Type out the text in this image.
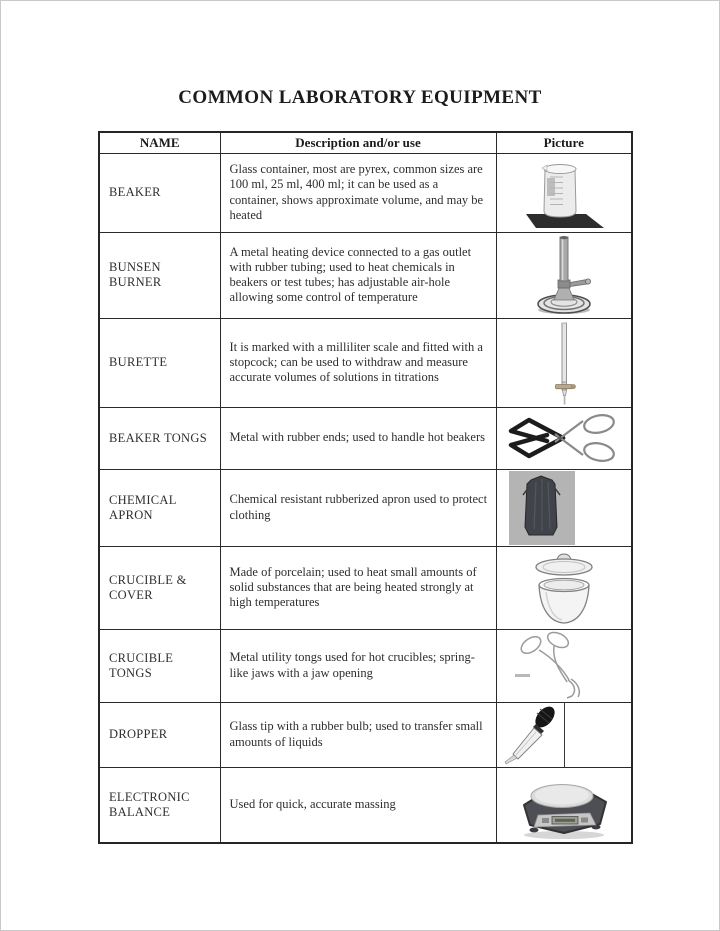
COMMON LABORATORY EQUIPMENT
NAME	Description and/or use	Picture
BEAKER	Glass container, most are pyrex, common sizes are 100 ml, 25 ml, 400 ml; it can be used as a container, shows approximate volume, and may be heated	
BUNSEN BURNER	A metal heating device connected to a gas outlet with rubber tubing; used to heat chemicals in beakers or test tubes; has adjustable air-hole allowing some control of temperature	
BURETTE	It is marked with a milliliter scale and fitted with a stopcock; can be used to withdraw and measure accurate volumes of solutions in titrations	
BEAKER TONGS	Metal with rubber ends; used to handle hot beakers	
CHEMICAL APRON	Chemical resistant rubberized apron used to protect clothing	
CRUCIBLE & COVER	Made of porcelain; used to heat small amounts of solid substances that are being heated strongly at high temperatures	
CRUCIBLE TONGS	Metal utility tongs used for hot crucibles; spring-like jaws with a jaw opening	
DROPPER	Glass tip with a rubber bulb; used to transfer small amounts of liquids	

ELECTRONIC BALANCE	Used for quick, accurate massing	
